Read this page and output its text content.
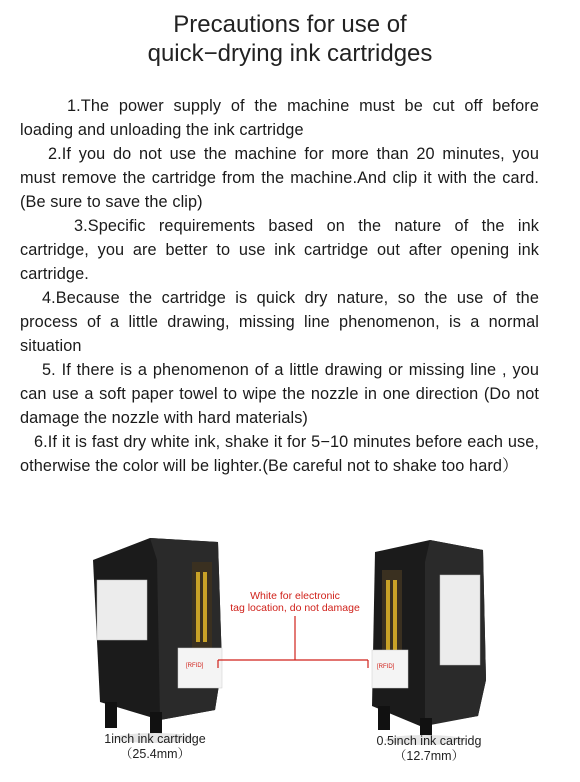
Precautions for use of
quick−drying ink cartridges

1.The power supply of the machine must be cut off before loading and unloading the ink cartridge

2.If you do not use the machine for more than 20 minutes, you must remove the cartridge from the machine.And clip it with the card.(Be sure to save the clip)

3.Specific requirements based on the nature of the ink cartridge, you are better to use ink cartridge out after opening ink cartridge.

4.Because the cartridge is quick dry nature, so the use of the process of a little drawing, missing line phenomenon, is a normal situation

5. If there is a phenomenon of a little drawing or missing line , you can use a soft paper towel to wipe the nozzle in one direction (Do not damage the nozzle with hard materials)

6.If it is fast dry white ink, shake it for 5−10 minutes before each use, otherwise the color will be lighter.(Be careful not to shake too hard）

[RFID]	[RFID]
White for electronic
tag location, do not damage
1inch ink cartridge
（25.4mm）
0.5inch ink cartridg
（12.7mm）
